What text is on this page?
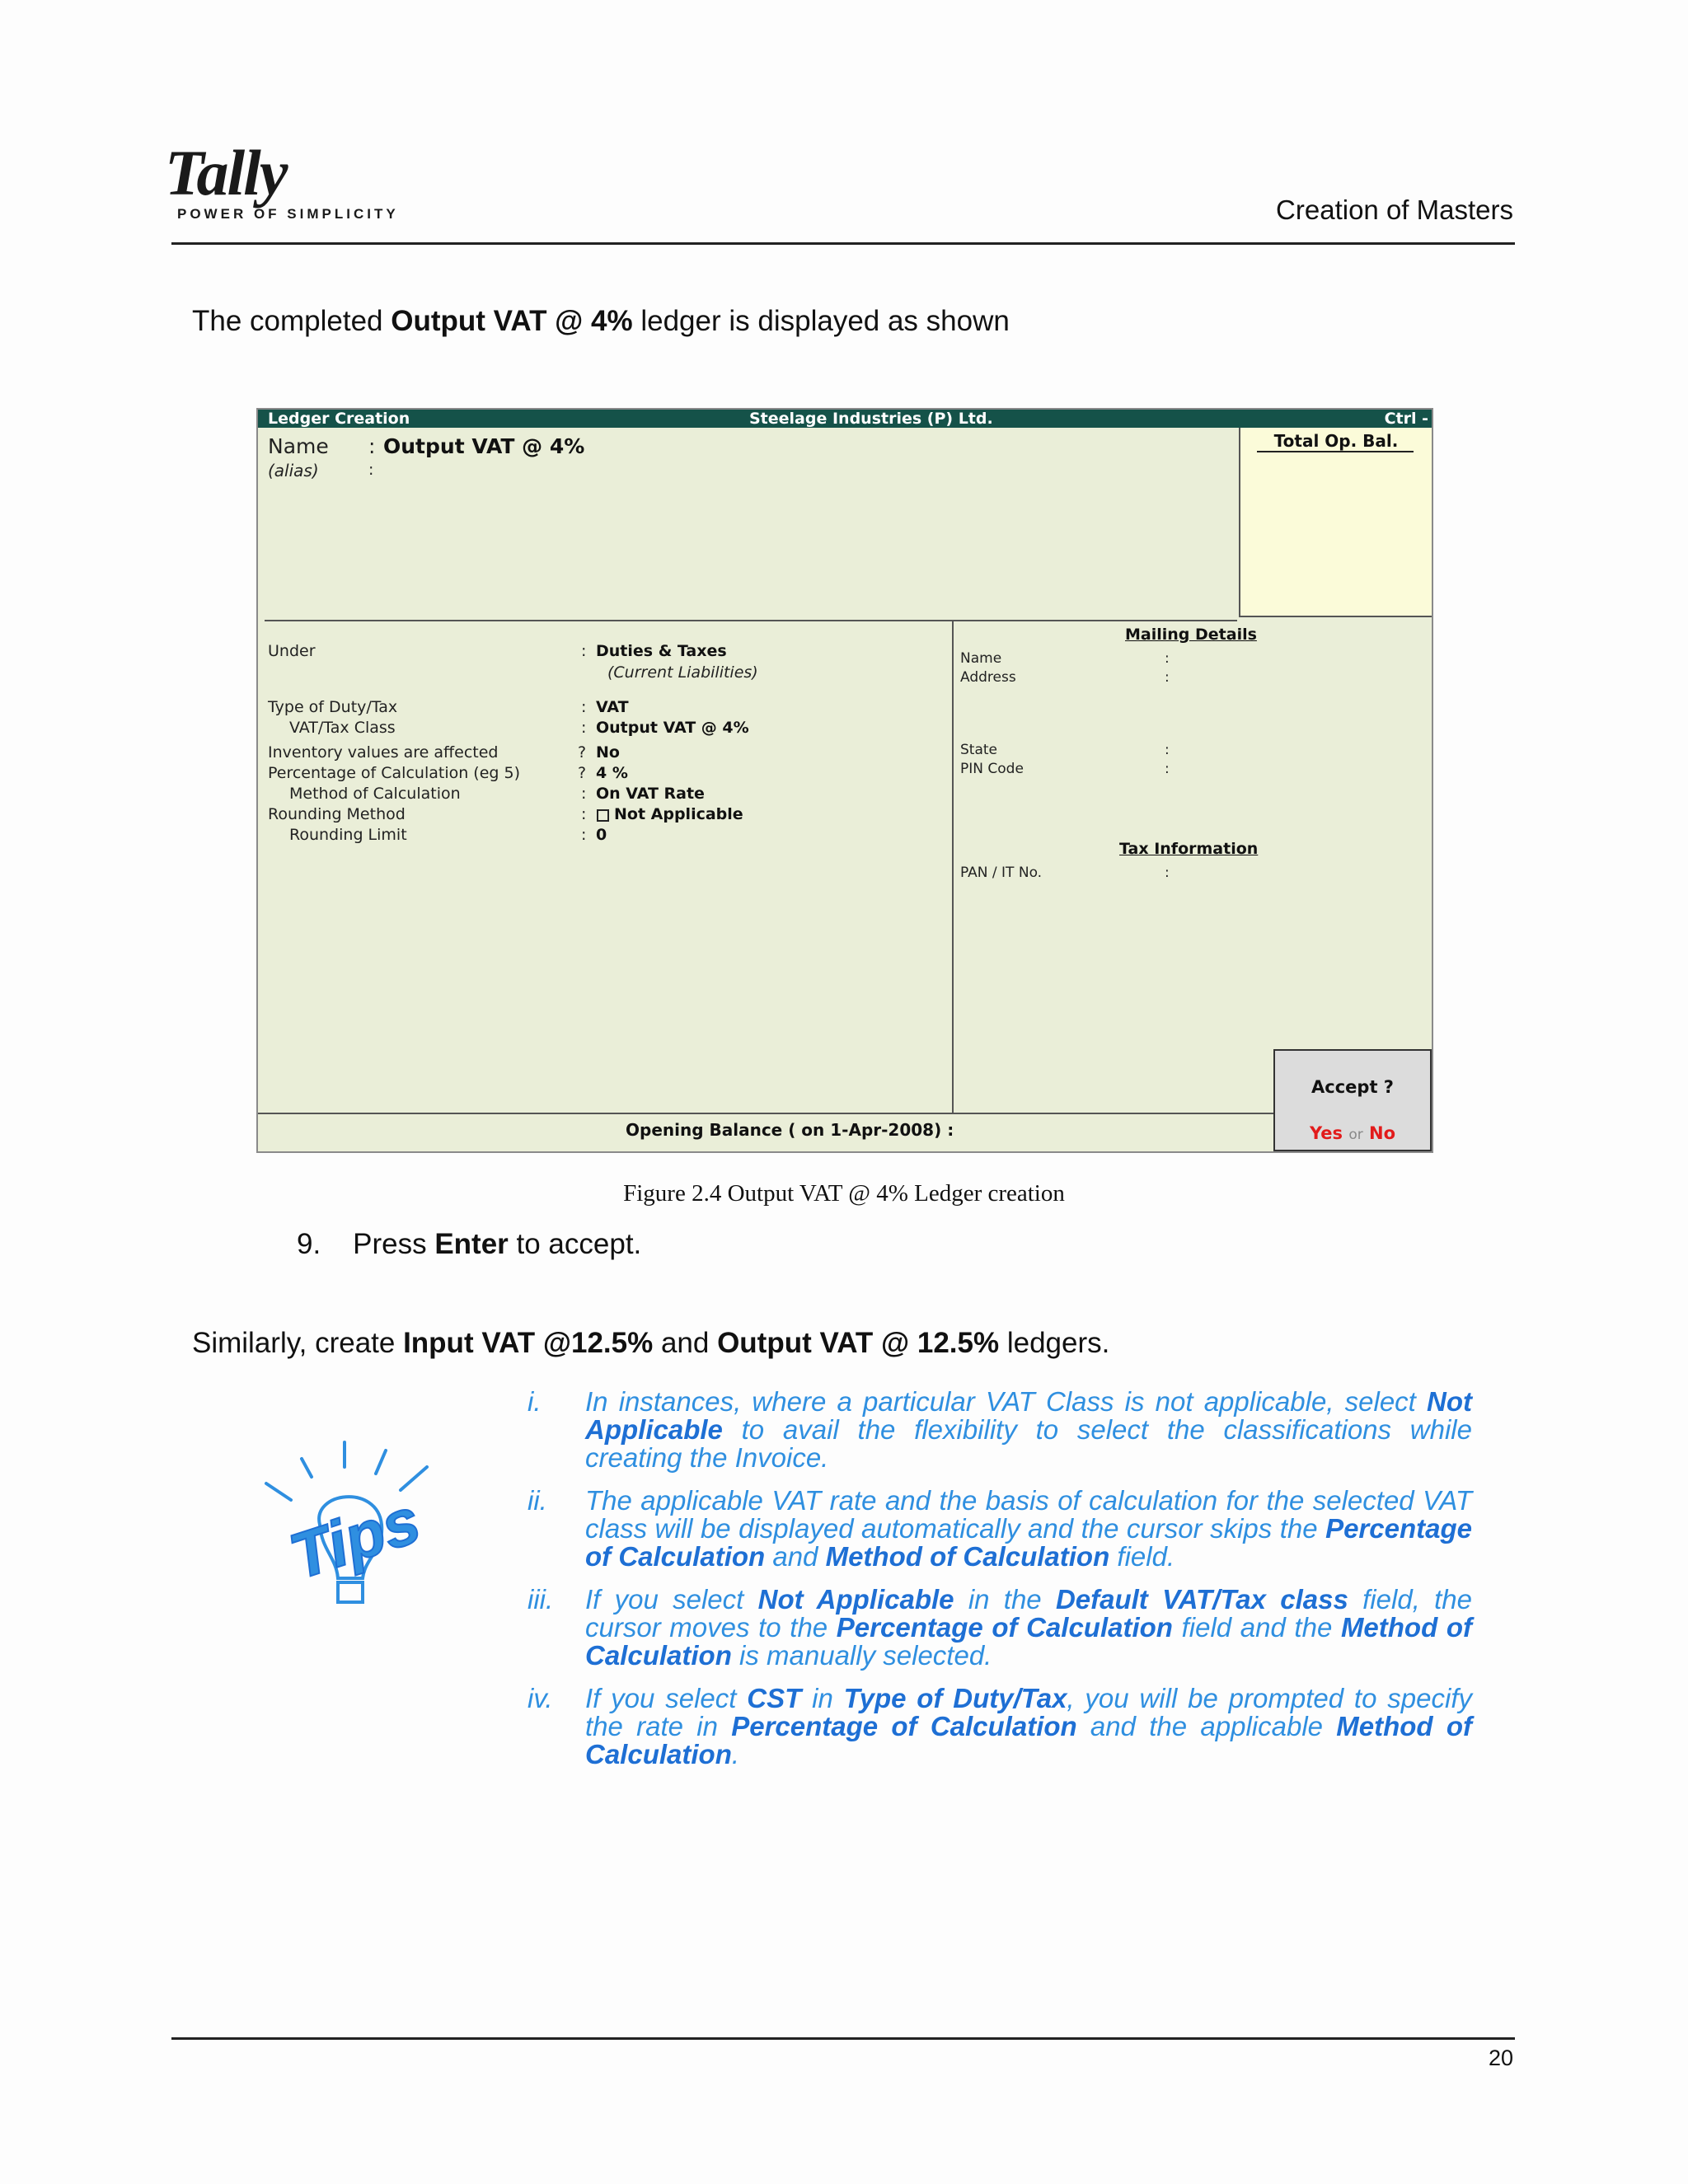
Tally
POWER OF SIMPLICITY	Creation of Masters
The completed Output VAT @ 4% ledger is displayed as shown
Ledger Creation	Steelage Industries (P) Ltd.	Ctrl -
Name : Output VAT @ 4%
(alias)	:
Total Op. Bal.
Under	: Duties & Taxes
(Current Liabilities)
Type of Duty/Tax	: VAT
VAT/Tax Class	: Output VAT @ 4%
Inventory values are affected	? No
Percentage of Calculation (eg 5)	? 4 %
Method of Calculation	: On VAT Rate
Rounding Method	: Not Applicable
Rounding Limit	: 0
Mailing Details
Name	:
Address	:
State	:
PIN Code	:
Tax Information
PAN / IT No.	:
Opening Balance ( on 1-Apr-2008) :
Accept ?
Yes or No
Figure 2.4 Output VAT @ 4% Ledger creation
9. Press Enter to accept.
Similarly, create Input VAT @12.5% and Output VAT @ 12.5% ledgers.
Tips
i. In instances, where a particular VAT Class is not applicable, select Not Applicable to avail the flexibility to select the classifications while creating the Invoice.
ii. The applicable VAT rate and the basis of calculation for the selected VAT class will be displayed automatically and the cursor skips the Percentage of Calculation and Method of Calculation field.
iii. If you select Not Applicable in the Default VAT/Tax class field, the cursor moves to the Percentage of Calculation field and the Method of Calculation is manually selected.
iv. If you select CST in Type of Duty/Tax, you will be prompted to specify the rate in Percentage of Calculation and the applicable Method of Calculation.
20
